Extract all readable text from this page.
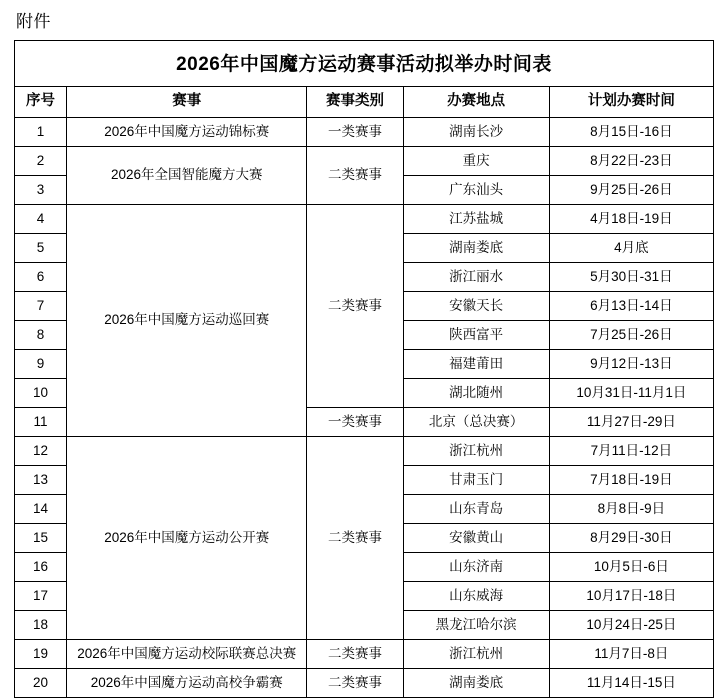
附件
2026年中国魔方运动赛事活动拟举办时间表
序号	赛事	赛事类别	办赛地点	计划办赛时间
1	2026年中国魔方运动锦标赛	一类赛事	湖南长沙	8月15日-16日
2	2026年全国智能魔方大赛	二类赛事	重庆	8月22日-23日
3			广东汕头	9月25日-26日
4	2026年中国魔方运动巡回赛	二类赛事	江苏盐城	4月18日-19日
5			湖南娄底	4月底
6			浙江丽水	5月30日-31日
7			安徽天长	6月13日-14日
8			陕西富平	7月25日-26日
9			福建莆田	9月12日-13日
10			湖北随州	10月31日-11月1日
11		一类赛事	北京（总决赛）	11月27日-29日
12	2026年中国魔方运动公开赛	二类赛事	浙江杭州	7月11日-12日
13			甘肃玉门	7月18日-19日
14			山东青岛	8月8日-9日
15			安徽黄山	8月29日-30日
16			山东济南	10月5日-6日
17			山东威海	10月17日-18日
18			黑龙江哈尔滨	10月24日-25日
19	2026年中国魔方运动校际联赛总决赛	二类赛事	浙江杭州	11月7日-8日
20	2026年中国魔方运动高校争霸赛	二类赛事	湖南娄底	11月14日-15日
